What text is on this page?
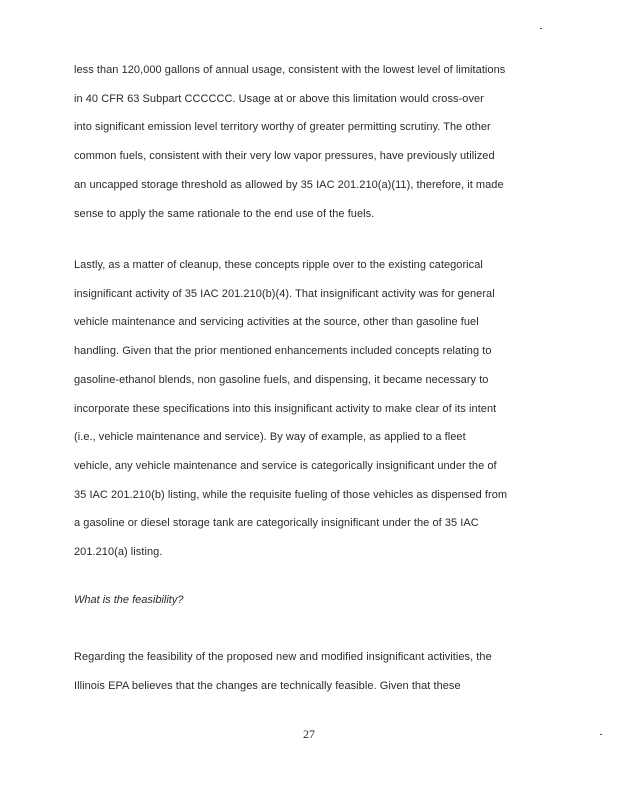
less than 120,000 gallons of annual usage, consistent with the lowest level of limitations
in 40 CFR 63 Subpart CCCCCC. Usage at or above this limitation would cross-over
into significant emission level territory worthy of greater permitting scrutiny. The other
common fuels, consistent with their very low vapor pressures, have previously utilized
an uncapped storage threshold as allowed by 35 IAC 201.210(a)(11), therefore, it made
sense to apply the same rationale to the end use of the fuels.
Lastly, as a matter of cleanup, these concepts ripple over to the existing categorical
insignificant activity of 35 IAC 201.210(b)(4). That insignificant activity was for general
vehicle maintenance and servicing activities at the source, other than gasoline fuel
handling. Given that the prior mentioned enhancements included concepts relating to
gasoline-ethanol blends, non gasoline fuels, and dispensing, it became necessary to
incorporate these specifications into this insignificant activity to make clear of its intent
(i.e., vehicle maintenance and service). By way of example, as applied to a fleet
vehicle, any vehicle maintenance and service is categorically insignificant under the of
35 IAC 201.210(b) listing, while the requisite fueling of those vehicles as dispensed from
a gasoline or diesel storage tank are categorically insignificant under the of 35 IAC
201.210(a) listing.
What is the feasibility?
Regarding the feasibility of the proposed new and modified insignificant activities, the
Illinois EPA believes that the changes are technically feasible. Given that these
27
